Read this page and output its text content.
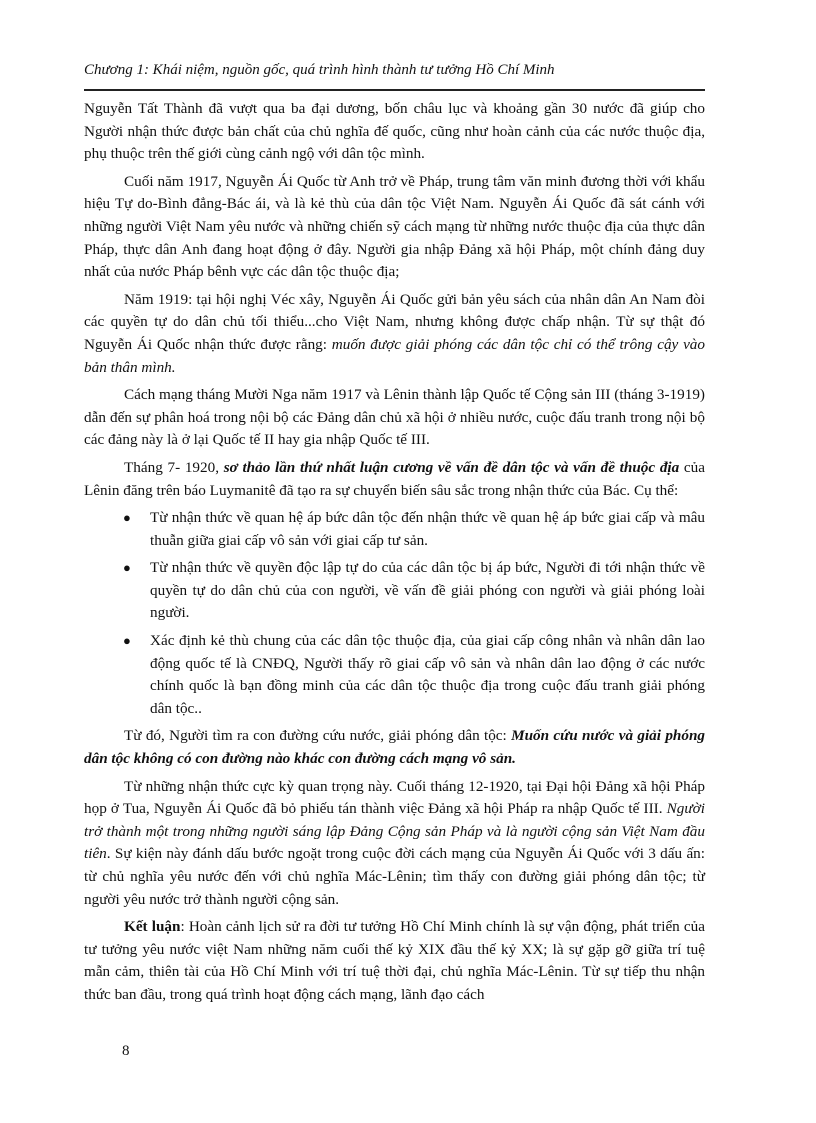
Chương 1: Khái niệm, nguồn gốc, quá trình hình thành tư tưởng Hồ Chí Minh

Nguyễn Tất Thành đã vượt qua ba đại dương, bốn châu lục và khoảng gần 30 nước đã giúp cho Người nhận thức được bản chất của chủ nghĩa đế quốc, cũng như hoàn cảnh của các nước thuộc địa, phụ thuộc trên thế giới cùng cảnh ngộ với dân tộc mình.

Cuối năm 1917, Nguyễn Ái Quốc từ Anh trở về Pháp, trung tâm văn minh đương thời với khẩu hiệu Tự do-Bình đẳng-Bác ái, và là kẻ thù của dân tộc Việt Nam. Nguyễn Ái Quốc đã sát cánh với những người Việt Nam yêu nước và những chiến sỹ cách mạng từ những nước thuộc địa của thực dân Pháp, thực dân Anh đang hoạt động ở đây. Người gia nhập Đảng xã hội Pháp, một chính đảng duy nhất của nước Pháp bênh vực các dân tộc thuộc địa;

Năm 1919: tại hội nghị Véc xây, Nguyễn Ái Quốc gửi bản yêu sách của nhân dân An Nam đòi các quyền tự do dân chủ tối thiểu...cho Việt Nam, nhưng không được chấp nhận. Từ sự thật đó Nguyễn Ái Quốc nhận thức được rằng: muốn được giải phóng các dân tộc chỉ có thể trông cậy vào bản thân mình.

Cách mạng tháng Mười Nga năm 1917 và Lênin thành lập Quốc tế Cộng sản III (tháng 3-1919) dẫn đến sự phân hoá trong nội bộ các Đảng dân chủ xã hội ở nhiều nước, cuộc đấu tranh trong nội bộ các đảng này là ở lại Quốc tế II hay gia nhập Quốc tế III.

Tháng 7- 1920, sơ thảo lần thứ nhất luận cương về vấn đề dân tộc và vấn đề thuộc địa của Lênin đăng trên báo Luymanitê đã tạo ra sự chuyển biến sâu sắc trong nhận thức của Bác. Cụ thể:

● Từ nhận thức về quan hệ áp bức dân tộc đến nhận thức về quan hệ áp bức giai cấp và mâu thuẫn giữa giai cấp vô sản với giai cấp tư sản.
● Từ nhận thức về quyền độc lập tự do của các dân tộc bị áp bức, Người đi tới nhận thức về quyền tự do dân chủ của con người, về vấn đề giải phóng con người và giải phóng loài người.
● Xác định kẻ thù chung của các dân tộc thuộc địa, của giai cấp công nhân và nhân dân lao động quốc tế là CNĐQ, Người thấy rõ giai cấp vô sản và nhân dân lao động ở các nước chính quốc là bạn đồng minh của các dân tộc thuộc địa trong cuộc đấu tranh giải phóng dân tộc..

Từ đó, Người tìm ra con đường cứu nước, giải phóng dân tộc: Muốn cứu nước và giải phóng dân tộc không có con đường nào khác con đường cách mạng vô sản.

Từ những nhận thức cực kỳ quan trọng này. Cuối tháng 12-1920, tại Đại hội Đảng xã hội Pháp họp ở Tua, Nguyễn Ái Quốc đã bỏ phiếu tán thành việc Đảng xã hội Pháp ra nhập Quốc tế III. Người trở thành một trong những người sáng lập Đảng Cộng sản Pháp và là người cộng sản Việt Nam đầu tiên. Sự kiện này đánh dấu bước ngoặt trong cuộc đời cách mạng của Nguyễn Ái Quốc với 3 dấu ấn: từ chủ nghĩa yêu nước đến với chủ nghĩa Mác-Lênin; tìm thấy con đường giải phóng dân tộc; từ người yêu nước trở thành người cộng sản.

Kết luận: Hoàn cảnh lịch sử ra đời tư tưởng Hồ Chí Minh chính là sự vận động, phát triển của tư tưởng yêu nước việt Nam những năm cuối thế kỷ XIX đầu thế kỷ XX; là sự gặp gỡ giữa trí tuệ mẫn cảm, thiên tài của Hồ Chí Minh với trí tuệ thời đại, chủ nghĩa Mác-Lênin. Từ sự tiếp thu nhận thức ban đầu, trong quá trình hoạt động cách mạng, lãnh đạo cách

8
